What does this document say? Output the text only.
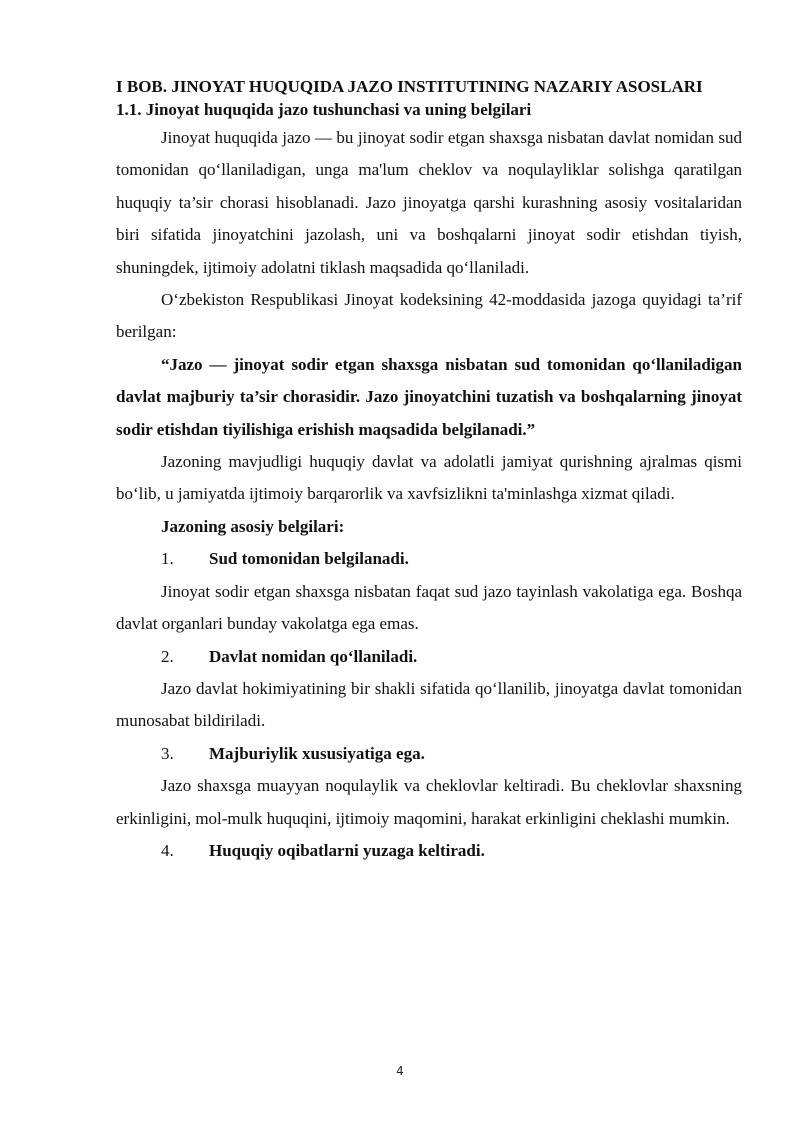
I BOB. JINOYAT HUQUQIDA JAZO INSTITUTINING NAZARIY ASOSLARI
1.1. Jinoyat huquqida jazo tushunchasi va uning belgilari

Jinoyat huquqida jazo — bu jinoyat sodir etgan shaxsga nisbatan davlat nomidan sud tomonidan qo‘llaniladigan, unga ma'lum cheklov va noqulayliklar solishga qaratilgan huquqiy ta’sir chorasi hisoblanadi. Jazo jinoyatga qarshi kurashning asosiy vositalaridan biri sifatida jinoyatchini jazolash, uni va boshqalarni jinoyat sodir etishdan tiyish, shuningdek, ijtimoiy adolatni tiklash maqsadida qo‘llaniladi.

O‘zbekiston Respublikasi Jinoyat kodeksining 42-moddasida jazoga quyidagi ta’rif berilgan:

“Jazo — jinoyat sodir etgan shaxsga nisbatan sud tomonidan qo‘llaniladigan davlat majburiy ta’sir chorasidir. Jazo jinoyatchini tuzatish va boshqalarning jinoyat sodir etishdan tiyilishiga erishish maqsadida belgilanadi.”

Jazoning mavjudligi huquqiy davlat va adolatli jamiyat qurishning ajralmas qismi bo‘lib, u jamiyatda ijtimoiy barqarorlik va xavfsizlikni ta'minlashga xizmat qiladi.

Jazoning asosiy belgilari:
1. Sud tomonidan belgilanadi.

Jinoyat sodir etgan shaxsga nisbatan faqat sud jazo tayinlash vakolatiga ega. Boshqa davlat organlari bunday vakolatga ega emas.

2. Davlat nomidan qo‘llaniladi.

Jazo davlat hokimiyatining bir shakli sifatida qo‘llanilib, jinoyatga davlat tomonidan munosabat bildiriladi.

3. Majburiylik xususiyatiga ega.

Jazo shaxsga muayyan noqulaylik va cheklovlar keltiradi. Bu cheklovlar shaxsning erkinligini, mol-mulk huquqini, ijtimoiy maqomini, harakat erkinligini cheklashi mumkin.

4. Huquqiy oqibatlarni yuzaga keltiradi.
4
